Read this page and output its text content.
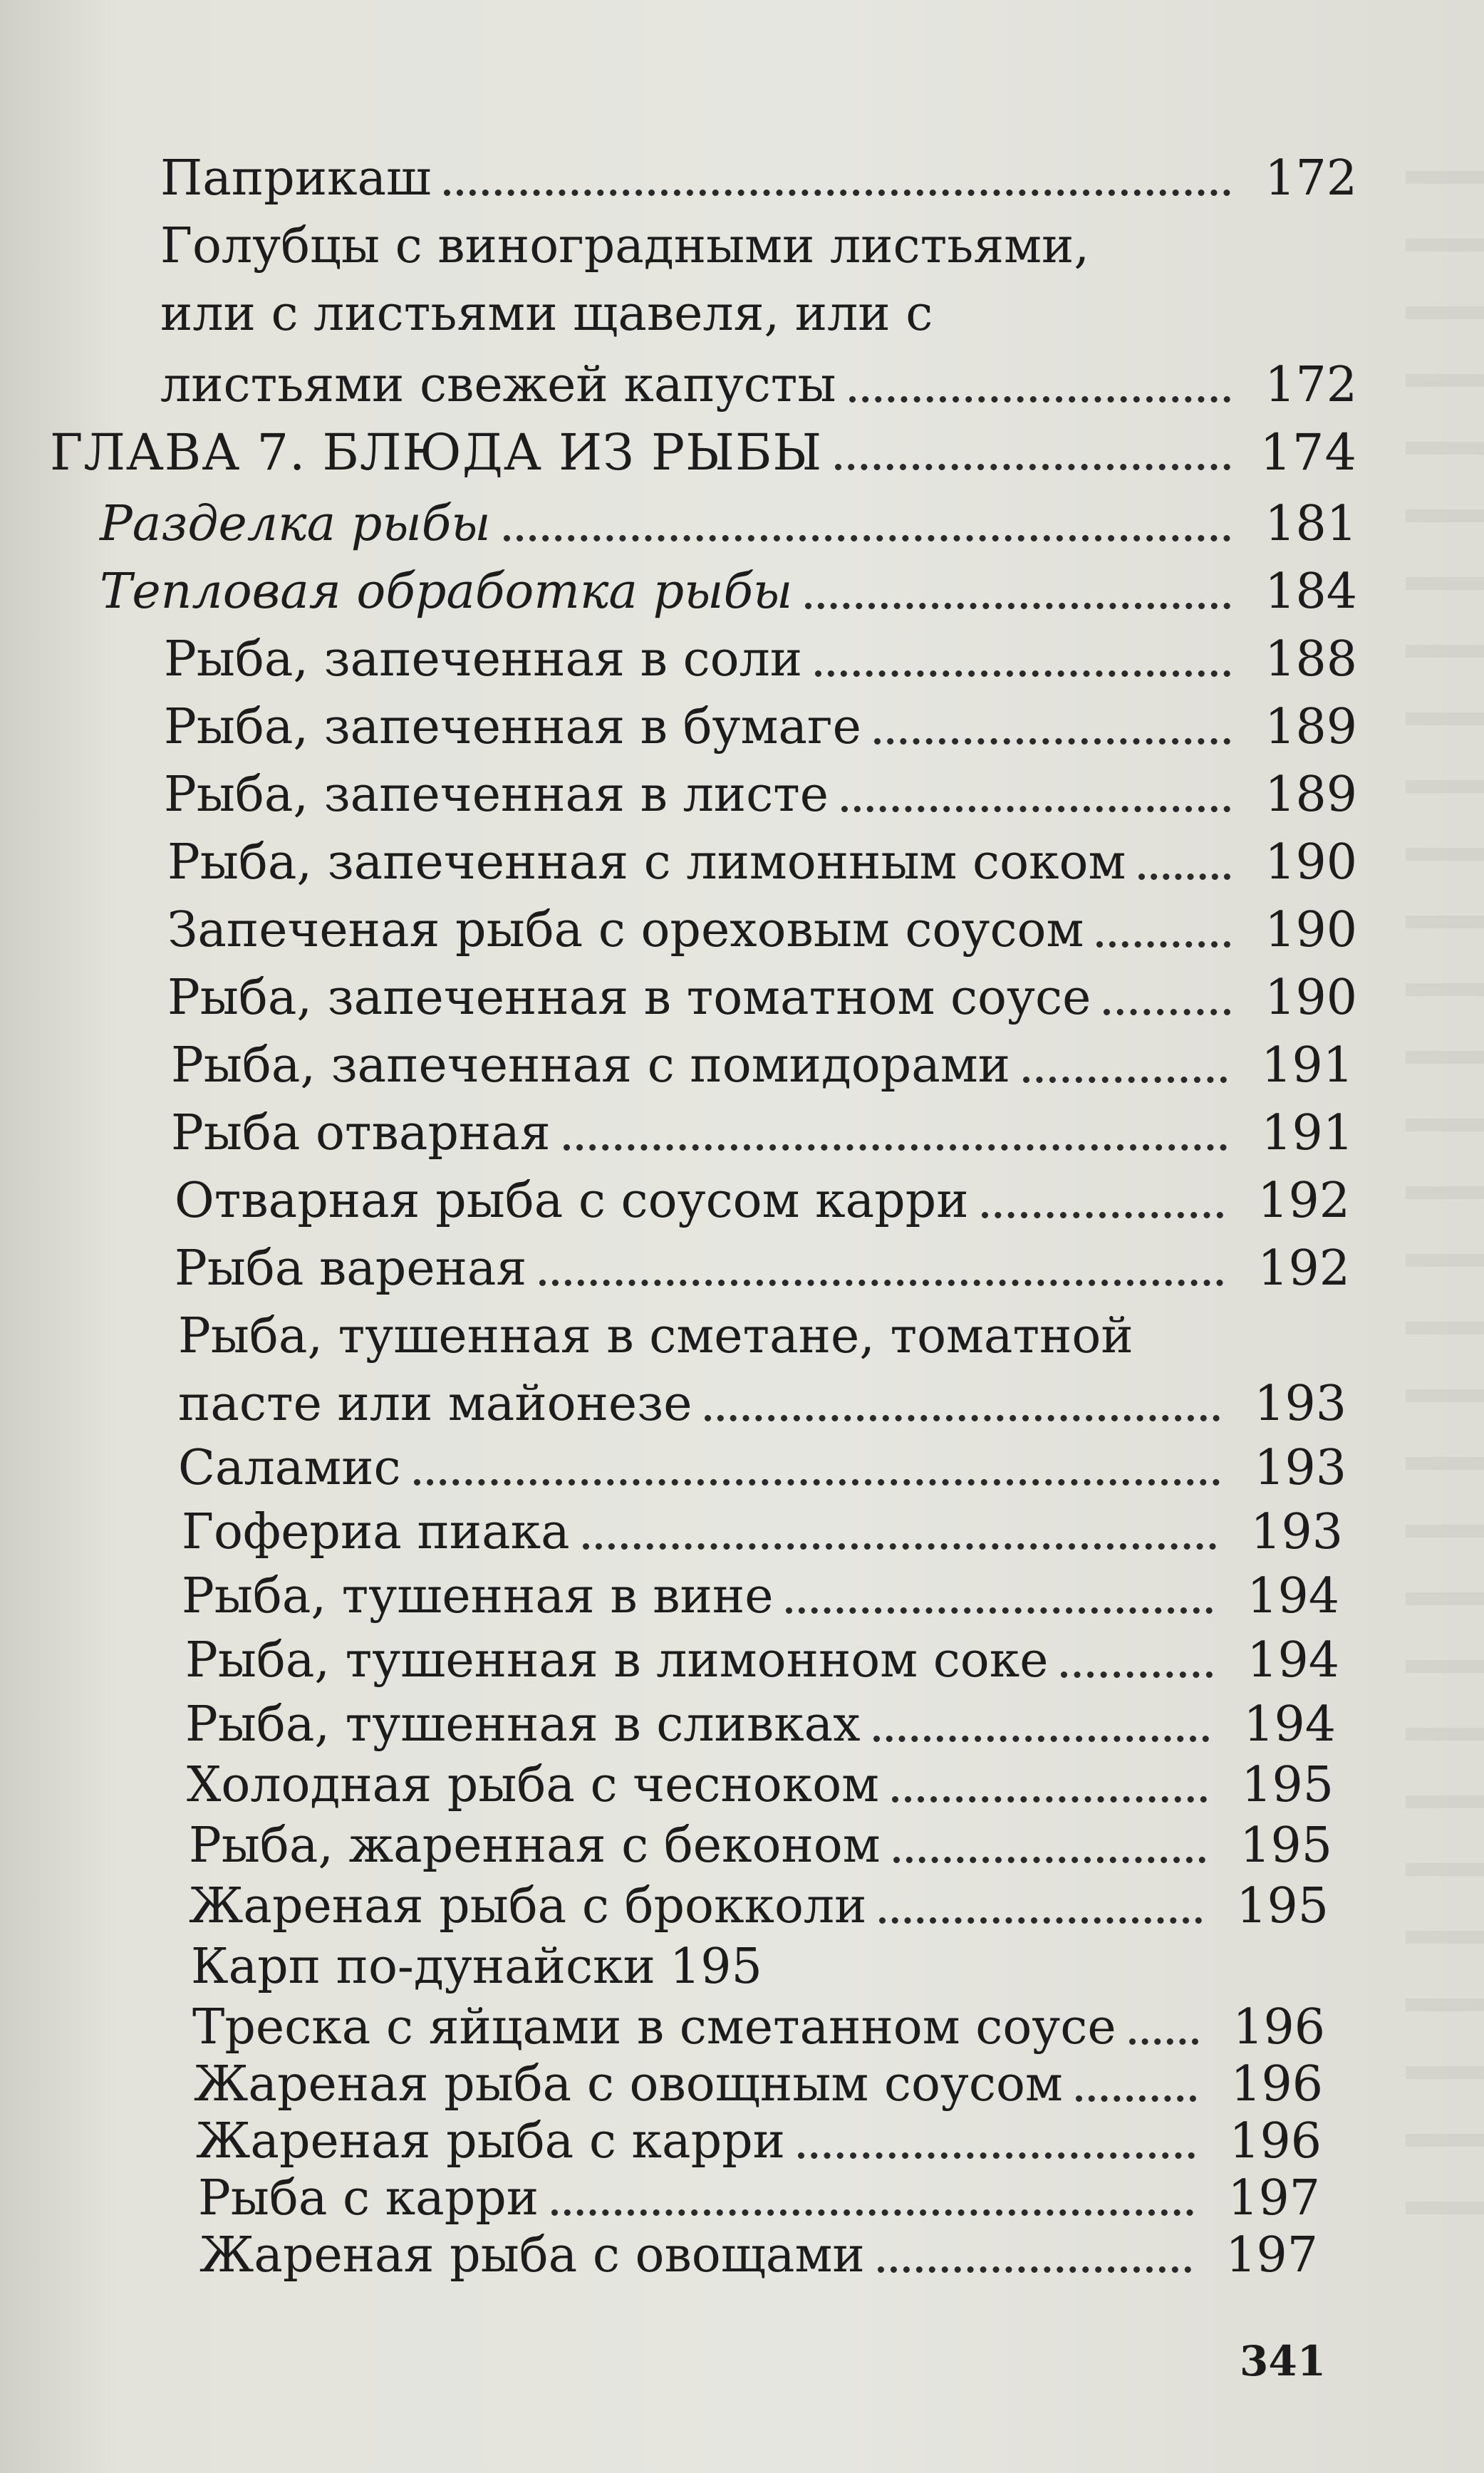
Паприкаш	172
Голубцы с виноградными листьями,
или с листьями щавеля, или с
листьями свежей капусты	172
ГЛАВА 7. БЛЮДА ИЗ РЫБЫ	174
Разделка рыбы	181
Тепловая обработка рыбы	184
Рыба, запеченная в соли	188
Рыба, запеченная в бумаге	189
Рыба, запеченная в листе	189
Рыба, запеченная с лимонным соком	190
Запеченая рыба с ореховым соусом	190
Рыба, запеченная в томатном соусе	190
Рыба, запеченная с помидорами	191
Рыба отварная	191
Отварная рыба с соусом карри	192
Рыба вареная	192
Рыба, тушенная в сметане, томатной
пасте или майонезе	193
Саламис	193
Гофериа пиака	193
Рыба, тушенная в вине	194
Рыба, тушенная в лимонном соке	194
Рыба, тушенная в сливках	194
Холодная рыба с чесноком	195
Рыба, жаренная с беконом	195
Жареная рыба с брокколи	195
Карп по-дунайски 195
Треска с яйцами в сметанном соусе 196
Жареная рыба с овощным соусом	196
Жареная рыба с карри	196
Рыба с карри	197
Жареная рыба с овощами	197
341
